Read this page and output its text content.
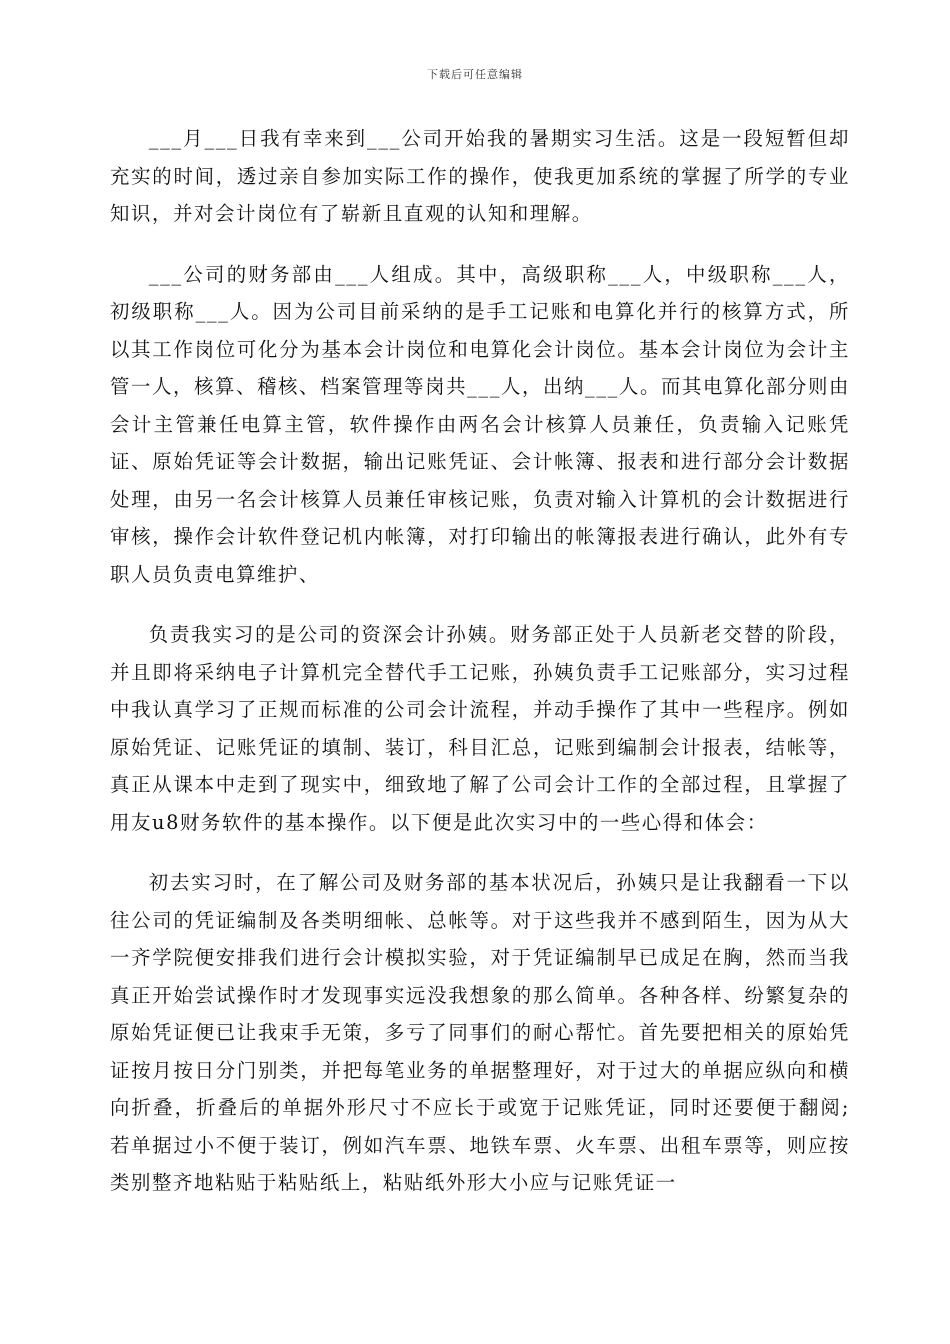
下载后可任意编辑

___月___日我有幸来到___公司开始我的暑期实习生活。这是一段短暂但却充实的时间，透过亲自参加实际工作的操作，使我更加系统的掌握了所学的专业知识，并对会计岗位有了崭新且直观的认知和理解。

___公司的财务部由___人组成。其中，高级职称___人，中级职称___人，初级职称___人。因为公司目前采纳的是手工记账和电算化并行的核算方式，所以其工作岗位可化分为基本会计岗位和电算化会计岗位。基本会计岗位为会计主管一人，核算、稽核、档案管理等岗共___人，出纳___人。而其电算化部分则由会计主管兼任电算主管，软件操作由两名会计核算人员兼任，负责输入记账凭证、原始凭证等会计数据，输出记账凭证、会计帐簿、报表和进行部分会计数据处理，由另一名会计核算人员兼任审核记账，负责对输入计算机的会计数据进行审核，操作会计软件登记机内帐簿，对打印输出的帐簿报表进行确认，此外有专职人员负责电算维护、

负责我实习的是公司的资深会计孙姨。财务部正处于人员新老交替的阶段，并且即将采纳电子计算机完全替代手工记账，孙姨负责手工记账部分，实习过程中我认真学习了正规而标准的公司会计流程，并动手操作了其中一些程序。例如原始凭证、记账凭证的填制、装订，科目汇总，记账到编制会计报表，结帐等，真正从课本中走到了现实中，细致地了解了公司会计工作的全部过程，且掌握了用友u8财务软件的基本操作。以下便是此次实习中的一些心得和体会：

初去实习时，在了解公司及财务部的基本状况后，孙姨只是让我翻看一下以往公司的凭证编制及各类明细帐、总帐等。对于这些我并不感到陌生，因为从大一齐学院便安排我们进行会计模拟实验，对于凭证编制早已成足在胸，然而当我真正开始尝试操作时才发现事实远没我想象的那么简单。各种各样、纷繁复杂的原始凭证便已让我束手无策，多亏了同事们的耐心帮忙。首先要把相关的原始凭证按月按日分门别类，并把每笔业务的单据整理好，对于过大的单据应纵向和横向折叠，折叠后的单据外形尺寸不应长于或宽于记账凭证，同时还要便于翻阅;若单据过小不便于装订，例如汽车票、地铁车票、火车票、出租车票等，则应按类别整齐地粘贴于粘贴纸上，粘贴纸外形大小应与记账凭证一
